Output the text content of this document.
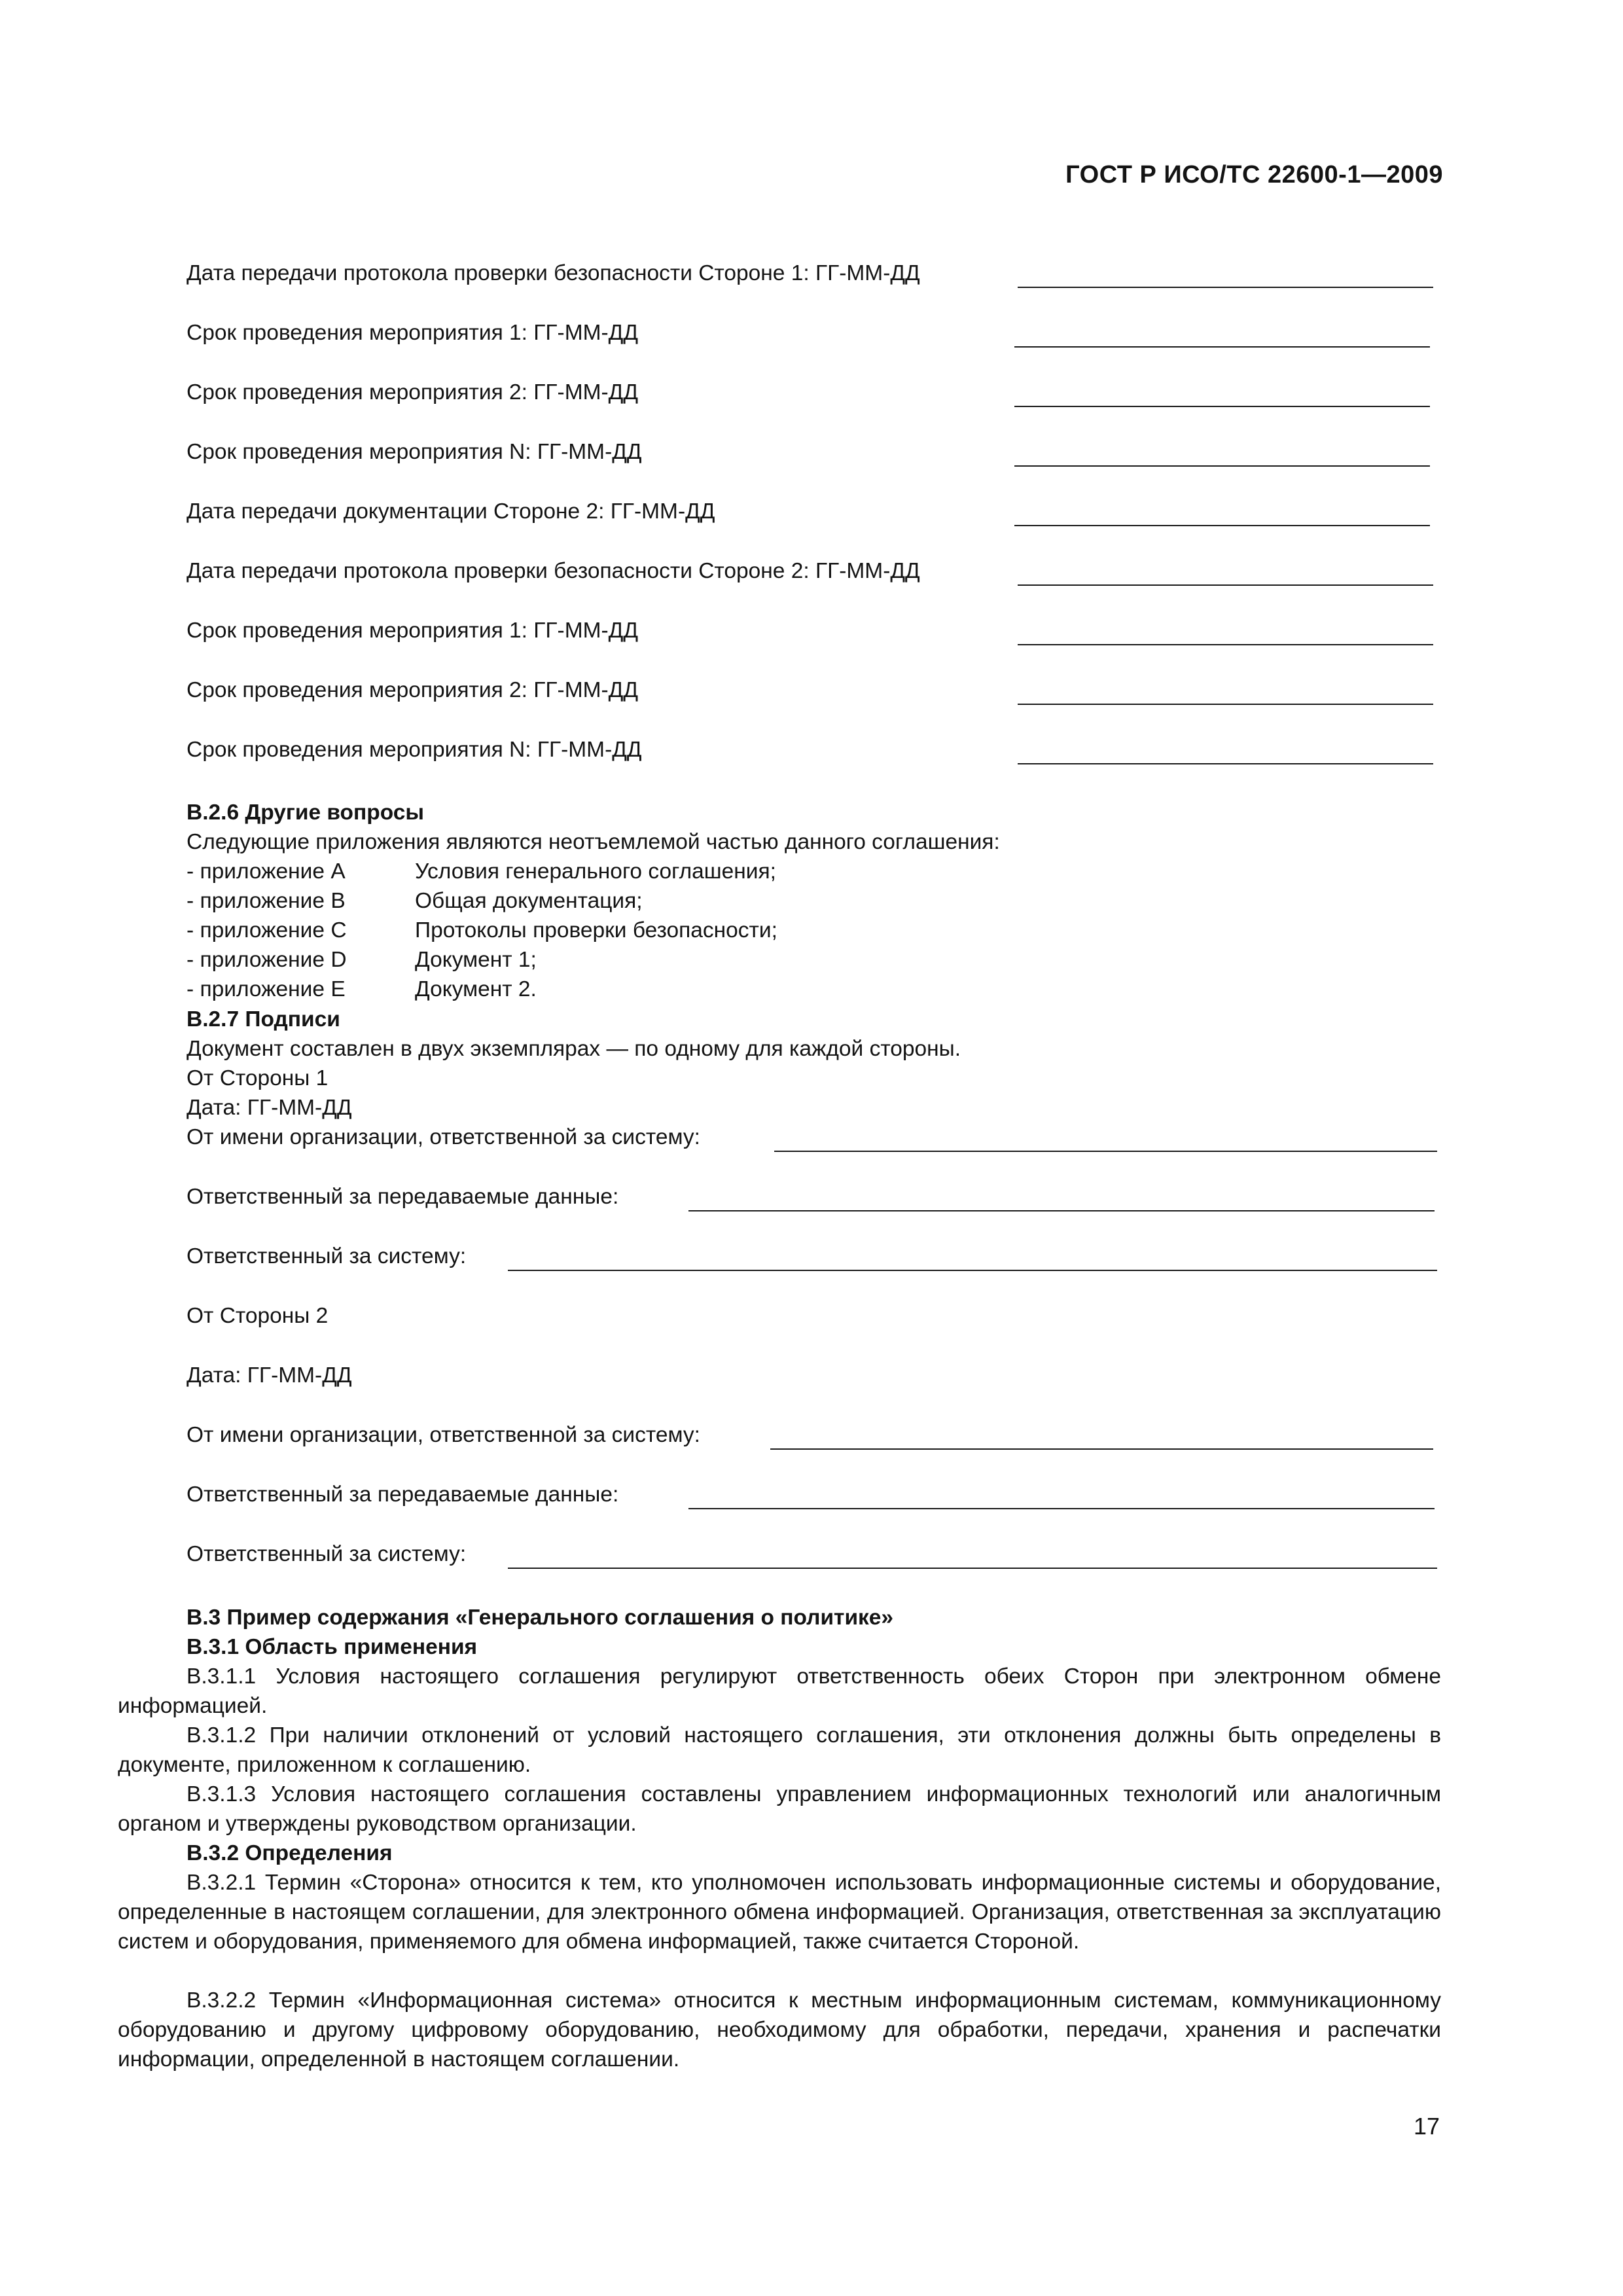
ГОСТ Р ИСО/ТС 22600-1—2009
Дата передачи протокола проверки безопасности Стороне 1: ГГ-ММ-ДД
Срок проведения мероприятия 1: ГГ-ММ-ДД
Срок проведения мероприятия 2: ГГ-ММ-ДД
Срок проведения мероприятия N: ГГ-ММ-ДД
Дата передачи документации Стороне 2: ГГ-ММ-ДД
Дата передачи протокола проверки безопасности Стороне 2: ГГ-ММ-ДД
Срок проведения мероприятия 1: ГГ-ММ-ДД
Срок проведения мероприятия 2: ГГ-ММ-ДД
Срок проведения мероприятия N: ГГ-ММ-ДД
В.2.6 Другие вопросы
Следующие приложения являются неотъемлемой частью данного соглашения:
- приложение А	Условия генерального соглашения;
- приложение В	Общая документация;
- приложение С	Протоколы проверки безопасности;
- приложение D	Документ 1;
- приложение Е	Документ 2.
В.2.7 Подписи
Документ составлен в двух экземплярах — по одному для каждой стороны.
От Стороны 1
Дата: ГГ-ММ-ДД
От имени организации, ответственной за систему:
Ответственный за передаваемые данные:
Ответственный за систему:
От Стороны 2
Дата: ГГ-ММ-ДД
От имени организации, ответственной за систему:
Ответственный за передаваемые данные:
Ответственный за систему:
В.3 Пример содержания «Генерального соглашения о политике»
В.3.1 Область применения
В.3.1.1 Условия настоящего соглашения регулируют ответственность обеих Сторон при электронном обмене информацией.
В.3.1.2 При наличии отклонений от условий настоящего соглашения, эти отклонения должны быть определены в документе, приложенном к соглашению.
В.3.1.3 Условия настоящего соглашения составлены управлением информационных технологий или аналогичным органом и утверждены руководством организации.
В.3.2 Определения
В.3.2.1 Термин «Сторона» относится к тем, кто уполномочен использовать информационные системы и оборудование, определенные в настоящем соглашении, для электронного обмена информацией. Организация, ответственная за эксплуатацию систем и оборудования, применяемого для обмена информацией, также считается Стороной.
В.3.2.2 Термин «Информационная система» относится к местным информационным системам, коммуникационному оборудованию и другому цифровому оборудованию, необходимому для обработки, передачи, хранения и распечатки информации, определенной в настоящем соглашении.
17
